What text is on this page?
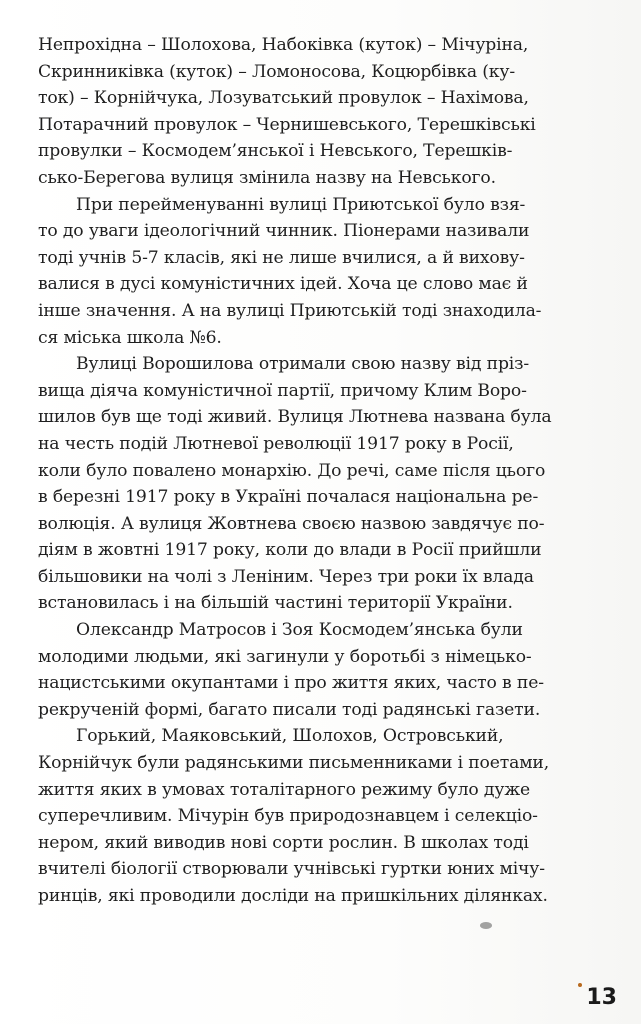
Непрохідна – Шолохова, Набоківка (куток) – Мічуріна,
Скринниківка (куток) – Ломоносова, Коцюрбівка (ку-
ток) – Корнійчука, Лозуватський провулок – Нахімова,
Потарачний провулок – Чернишевського, Терешківські
провулки – Космодем’янської і Невського, Терешків-
сько-Берегова вулиця змінила назву на Невського.
При перейменуванні вулиці Приютської було взя-
то до уваги ідеологічний чинник. Піонерами називали
тоді учнів 5-7 класів, які не лише вчилися, а й вихову-
валися в дусі комуністичних ідей. Хоча це слово має й
інше значення. А на вулиці Приютській тоді знаходила-
ся міська школа №6.
Вулиці Ворошилова отримали свою назву від пріз-
вища діяча комуністичної партії, причому Клим Воро-
шилов був ще тоді живий. Вулиця Лютнева названа була
на честь подій Лютневої революції 1917 року в Росії,
коли було повалено монархію. До речі, саме після цього
в березні 1917 року в Україні почалася національна ре-
волюція. А вулиця Жовтнева своєю назвою завдячує по-
діям в жовтні 1917 року, коли до влади в Росії прийшли
більшовики на чолі з Леніним. Через три роки їх влада
встановилась і на більшій частині території України.
Олександр Матросов і Зоя Космодем’янська були
молодими людьми, які загинули у боротьбі з німецько-
нацистськими окупантами і про життя яких, часто в пе-
рекрученій формі, багато писали тоді радянські газети.
Горький, Маяковський, Шолохов, Островський,
Корнійчук були радянськими письменниками і поетами,
життя яких в умовах тоталітарного режиму було дуже
суперечливим. Мічурін був природознавцем і селекціо-
нером, який виводив нові сорти рослин. В школах тоді
вчителі біології створювали учнівські гуртки юних мічу-
ринців, які проводили досліди на пришкільних ділянках.
13
